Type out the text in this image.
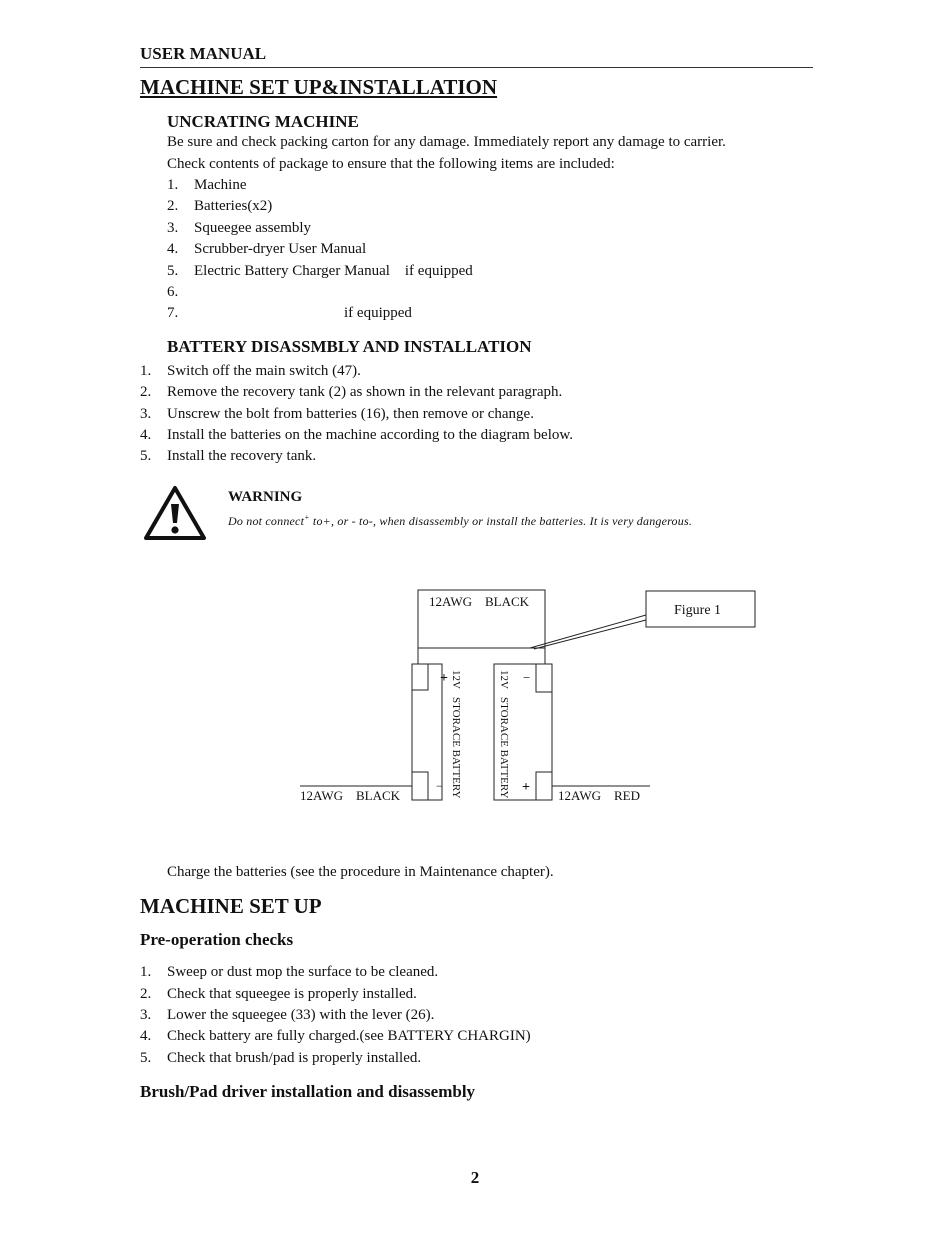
USER MANUAL
MACHINE SET UP&INSTALLATION
UNCRATING MACHINE
Be sure and check packing carton for any damage. Immediately report any damage to carrier.
Check contents of package to ensure that the following items are included:
1. Machine
2. Batteries(x2)
3. Squeegee assembly
4. Scrubber-dryer User Manual
5. Electric Battery Charger Manual    if equipped
6.
7.	if equipped
BATTERY DISASSMBLY AND INSTALLATION
1. Switch off the main switch (47).
2. Remove the recovery tank (2) as shown in the relevant paragraph.
3. Unscrew the bolt from batteries (16), then remove or change.
4. Install the batteries on the machine according to the diagram below.
5. Install the recovery tank.
WARNING
Do not connect+ to+, or - to-, when disassembly or install the batteries. It is very dangerous.
12AWG    BLACK
Figure 1
+
− 12V   STORACE BATTERY	−
+
12V   STORACE BATTERY
12AWG    BLACK	12AWG    RED
Charge the batteries (see the procedure in Maintenance chapter).
MACHINE SET UP
Pre-operation checks
1. Sweep or dust mop the surface to be cleaned.
2. Check that squeegee is properly installed.
3. Lower the squeegee (33) with the lever (26).
4. Check battery are fully charged.(see BATTERY CHARGIN)
5. Check that brush/pad is properly installed.
Brush/Pad driver installation and disassembly
2
